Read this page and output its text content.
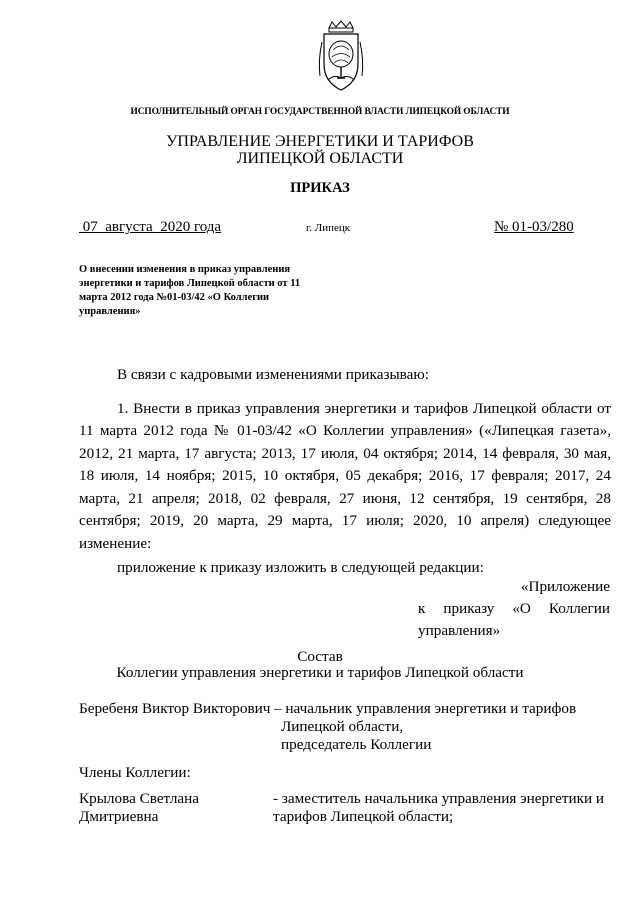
ИСПОЛНИТЕЛЬНЫЙ ОРГАН ГОСУДАРСТВЕННОЙ ВЛАСТИ ЛИПЕЦКОЙ ОБЛАСТИ
УПРАВЛЕНИЕ ЭНЕРГЕТИКИ И ТАРИФОВ
ЛИПЕЦКОЙ ОБЛАСТИ
ПРИКАЗ
07  августа  2020 года	г. Липецк	№ 01-03/280
О внесении изменения в приказ управления энергетики и тарифов Липецкой области от 11 марта 2012 года №01-03/42 «О Коллегии управления»
В связи с кадровыми изменениями приказываю:
1. Внести в приказ управления энергетики и тарифов Липецкой области от
11 марта 2012 года № 01-03/42 «О Коллегии управления» («Липецкая газета»,
2012, 21 марта, 17 августа; 2013, 17 июля, 04 октября; 2014, 14 февраля, 30 мая,
18 июля, 14 ноября; 2015, 10 октября, 05 декабря; 2016, 17 февраля; 2017, 24
марта, 21 апреля; 2018, 02 февраля, 27 июня, 12 сентября, 19 сентября, 28
сентября; 2019, 20 марта, 29 марта, 17 июля; 2020, 10 апреля) следующее
изменение:
приложение к приказу изложить в следующей редакции:
«Приложение
к приказу «О Коллегии
управления»
Состав
Коллегии управления энергетики и тарифов Липецкой области
Беребеня Виктор Викторович – начальник управления энергетики и тарифов
Липецкой области,
председатель Коллегии
Члены Коллегии:
Крылова Светлана
Дмитриевна
- заместитель начальника управления энергетики и
тарифов Липецкой области;
